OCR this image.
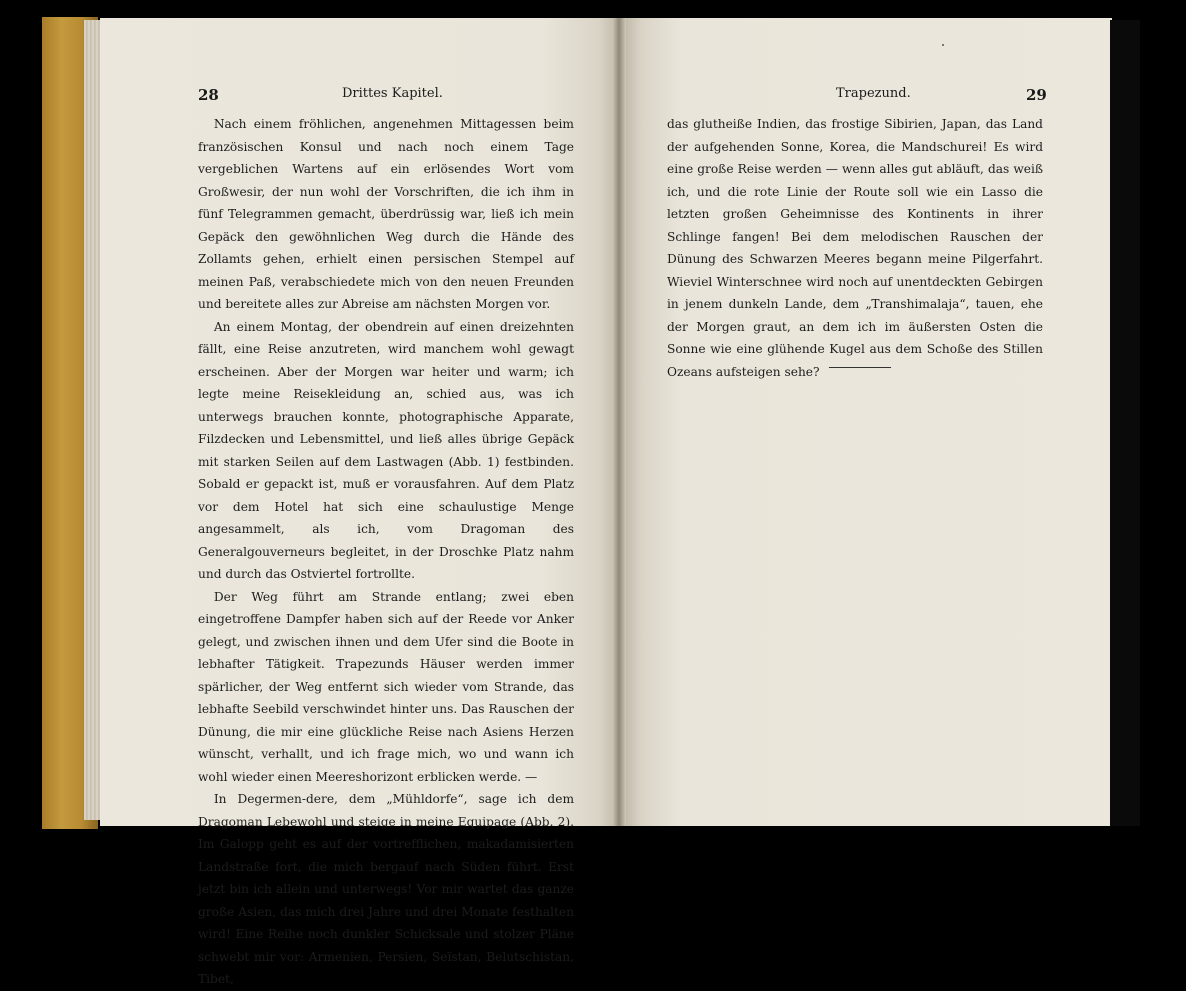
28	Drittes Kapitel.	Trapezund.	29

Nach einem fröhlichen, angenehmen Mittagessen beim französischen Konsul und nach noch einem Tage vergeblichen Wartens auf ein erlösendes Wort vom Großwesir, der nun wohl der Vorschriften, die ich ihm in fünf Telegrammen gemacht, überdrüssig war, ließ ich mein Gepäck den gewöhnlichen Weg durch die Hände des Zollamts gehen, erhielt einen persischen Stempel auf meinen Paß, verabschiedete mich von den neuen Freunden und bereitete alles zur Abreise am nächsten Morgen vor.

An einem Montag, der obendrein auf einen dreizehnten fällt, eine Reise anzutreten, wird manchem wohl gewagt erscheinen. Aber der Morgen war heiter und warm; ich legte meine Reisekleidung an, schied aus, was ich unterwegs brauchen konnte, photographische Apparate, Filzdecken und Lebensmittel, und ließ alles übrige Gepäck mit starken Seilen auf dem Lastwagen (Abb. 1) festbinden. Sobald er gepackt ist, muß er vorausfahren. Auf dem Platz vor dem Hotel hat sich eine schaulustige Menge angesammelt, als ich, vom Dragoman des Generalgouverneurs begleitet, in der Droschke Platz nahm und durch das Ostviertel fortrollte.

Der Weg führt am Strande entlang; zwei eben eingetroffene Dampfer haben sich auf der Reede vor Anker gelegt, und zwischen ihnen und dem Ufer sind die Boote in lebhafter Tätigkeit. Trapezunds Häuser werden immer spärlicher, der Weg entfernt sich wieder vom Strande, das lebhafte Seebild verschwindet hinter uns. Das Rauschen der Dünung, die mir eine glückliche Reise nach Asiens Herzen wünscht, verhallt, und ich frage mich, wo und wann ich wohl wieder einen Meereshorizont erblicken werde. —

In Degermen-dere, dem „Mühldorfe“, sage ich dem Dragoman Lebewohl und steige in meine Equipage (Abb. 2). Im Galopp geht es auf der vortrefflichen, makadamisierten Landstraße fort, die mich bergauf nach Süden führt. Erst jetzt bin ich allein und unterwegs! Vor mir wartet das ganze große Asien, das mich drei Jahre und drei Monate festhalten wird! Eine Reihe noch dunkler Schicksale und stolzer Pläne schwebt mir vor: Armenien, Persien, Seïstan, Belutschistan, Tibet,

das glutheiße Indien, das frostige Sibirien, Japan, das Land der aufgehenden Sonne, Korea, die Mandschurei! Es wird eine große Reise werden — wenn alles gut abläuft, das weiß ich, und die rote Linie der Route soll wie ein Lasso die letzten großen Geheimnisse des Kontinents in ihrer Schlinge fangen! Bei dem melodischen Rauschen der Dünung des Schwarzen Meeres begann meine Pilgerfahrt. Wieviel Winterschnee wird noch auf unentdeckten Gebirgen in jenem dunkeln Lande, dem „Transhimalaja“, tauen, ehe der Morgen graut, an dem ich im äußersten Osten die Sonne wie eine glühende Kugel aus dem Schoße des Stillen Ozeans aufsteigen sehe?
